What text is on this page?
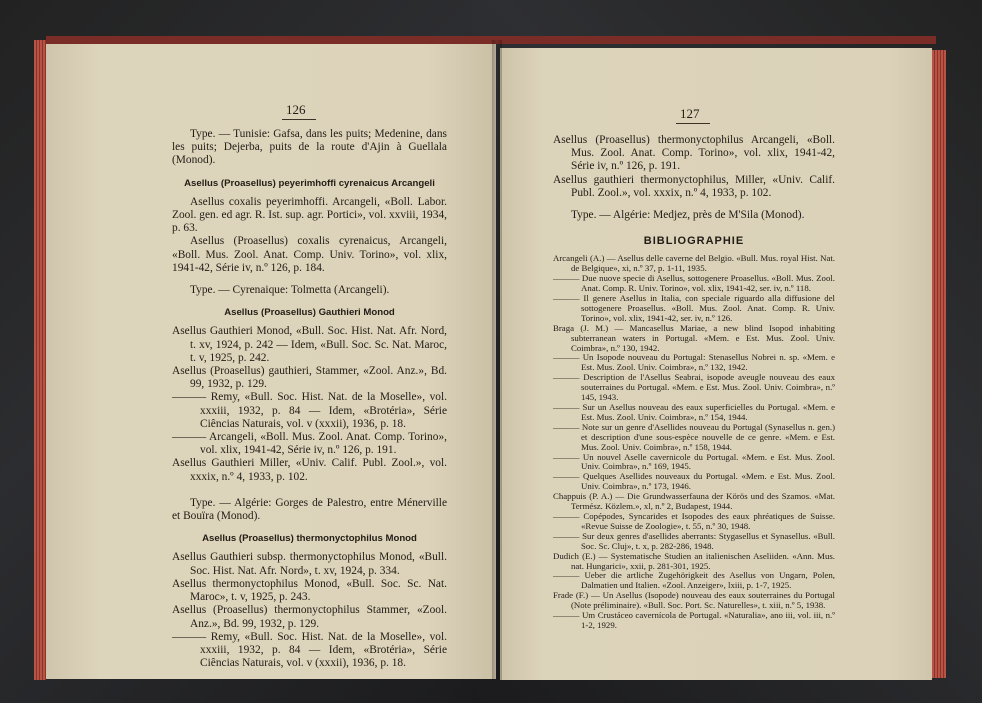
126

Type. — Tunisie: Gafsa, dans les puits; Medenine, dans les puits; Dejerba, puits de la route d'Ajin à Guellala (Monod).

Asellus (Proasellus) peyerimhoffi cyrenaicus Arcangeli

Asellus coxalis peyerimhoffi. Arcangeli, «Boll. Labor. Zool. gen. ed agr. R. Ist. sup. agr. Portici», vol. xxviii, 1934, p. 63.

Asellus (Proasellus) coxalis cyrenaicus, Arcangeli, «Boll. Mus. Zool. Anat. Comp. Univ. Torino», vol. xlix, 1941-42, Série iv, n.º 126, p. 184.

Type. — Cyrenaique: Tolmetta (Arcangeli).

Asellus (Proasellus) Gauthieri Monod

Asellus Gauthieri Monod, «Bull. Soc. Hist. Nat. Afr. Nord, t. xv, 1924, p. 242 — Idem, «Bull. Soc. Sc. Nat. Maroc, t. v, 1925, p. 242.

Asellus (Proasellus) gauthieri, Stammer, «Zool. Anz.», Bd. 99, 1932, p. 129.

——— Remy, «Bull. Soc. Hist. Nat. de la Moselle», vol. xxxiii, 1932, p. 84 — Idem, «Brotéria», Série Ciências Naturais, vol. v (xxxii), 1936, p. 18.

——— Arcangeli, «Boll. Mus. Zool. Anat. Comp. Torino», vol. xlix, 1941-42, Série iv, n.º 126, p. 191.

Asellus Gauthieri Miller, «Univ. Calif. Publ. Zool.», vol. xxxix, n.º 4, 1933, p. 102.

Type. — Algérie: Gorges de Palestro, entre Ménerville et Bouïra (Monod).

Asellus (Proasellus) thermonyctophilus Monod

Asellus Gauthieri subsp. thermonyctophilus Monod, «Bull. Soc. Hist. Nat. Afr. Nord», t. xv, 1924, p. 334.

Asellus thermonyctophilus Monod, «Bull. Soc. Sc. Nat. Maroc», t. v, 1925, p. 243.

Asellus (Proasellus) thermonyctophilus Stammer, «Zool. Anz.», Bd. 99, 1932, p. 129.

——— Remy, «Bull. Soc. Hist. Nat. de la Moselle», vol. xxxiii, 1932, p. 84 — Idem, «Brotéria», Série Ciências Naturais, vol. v (xxxii), 1936, p. 18.

127

Asellus (Proasellus) thermonyctophilus Arcangeli, «Boll. Mus. Zool. Anat. Comp. Torino», vol. xlix, 1941-42, Série iv, n.º 126, p. 191.

Asellus gauthieri thermonyctophilus, Miller, «Univ. Calif. Publ. Zool.», vol. xxxix, n.º 4, 1933, p. 102.

Type. — Algérie: Medjez, près de M'Sila (Monod).

BIBLIOGRAPHIE

Arcangeli (A.) — Asellus delle caverne del Belgio. «Bull. Mus. royal Hist. Nat. de Belgique», xi, n.º 37, p. 1-11, 1935.

——— Due nuove specie di Asellus, sottogenere Proasellus. «Boll. Mus. Zool. Anat. Comp. R. Univ. Torino», vol. xlix, 1941-42, ser. iv, n.º 118.

——— Il genere Asellus in Italia, con speciale riguardo alla diffusione del sottogenere Proasellus. «Boll. Mus. Zool. Anat. Comp. R. Univ. Torino», vol. xlix, 1941-42, ser. iv, n.º 126.

Braga (J. M.) — Mancasellus Mariae, a new blind Isopod inhabiting subterranean waters in Portugal. «Mem. e Est. Mus. Zool. Univ. Coimbra», n.º 130, 1942.

——— Un Isopode nouveau du Portugal: Stenasellus Nobrei n. sp. «Mem. e Est. Mus. Zool. Univ. Coimbra», n.º 132, 1942.

——— Description de l'Asellus Seabrai, isopode aveugle nouveau des eaux souterraines du Portugal. «Mem. e Est. Mus. Zool. Univ. Coimbra», n.º 145, 1943.

——— Sur un Asellus nouveau des eaux superficielles du Portugal. «Mem. e Est. Mus. Zool. Univ. Coimbra», n.º 154, 1944.

——— Note sur un genre d'Asellides nouveau du Portugal (Synasellus n. gen.) et description d'une sous-espèce nouvelle de ce genre. «Mem. e Est. Mus. Zool. Univ. Coimbra», n.º 158, 1944.

——— Un nouvel Aselle cavernicole du Portugal. «Mem. e Est. Mus. Zool. Univ. Coimbra», n.º 169, 1945.

——— Quelques Asellides nouveaux du Portugal. «Mem. e Est. Mus. Zool. Univ. Coimbra», n.º 173, 1946.

Chappuis (P. A.) — Die Grundwasserfauna der Körös und des Szamos. «Mat. Termész. Közlem.», xl, n.º 2, Budapest, 1944.

——— Copépodes, Syncarides et Isopodes des eaux phréatiques de Suisse. «Revue Suisse de Zoologie», t. 55, n.º 30, 1948.

——— Sur deux genres d'asellides aberrants: Stygasellus et Synasellus. «Bull. Soc. Sc. Cluj», t. x, p. 282-286, 1948.

Dudich (E.) — Systematische Studien an italienischen Aseliiden. «Ann. Mus. nat. Hungarici», xxii, p. 281-301, 1925.

——— Ueber die artliche Zugehörigkeit des Asellus von Ungarn, Polen, Dalmatien und Italien. «Zool. Anzeiger», lxiii, p. 1-7, 1925.

Frade (F.) — Un Asellus (Isopode) nouveau des eaux souterraines du Portugal (Note préliminaire). «Bull. Soc. Port. Sc. Naturelles», t. xiii, n.º 5, 1938.

——— Um Crustáceo cavernícola de Portugal. «Naturalia», ano iii, vol. iii, n.º 1-2, 1929.
